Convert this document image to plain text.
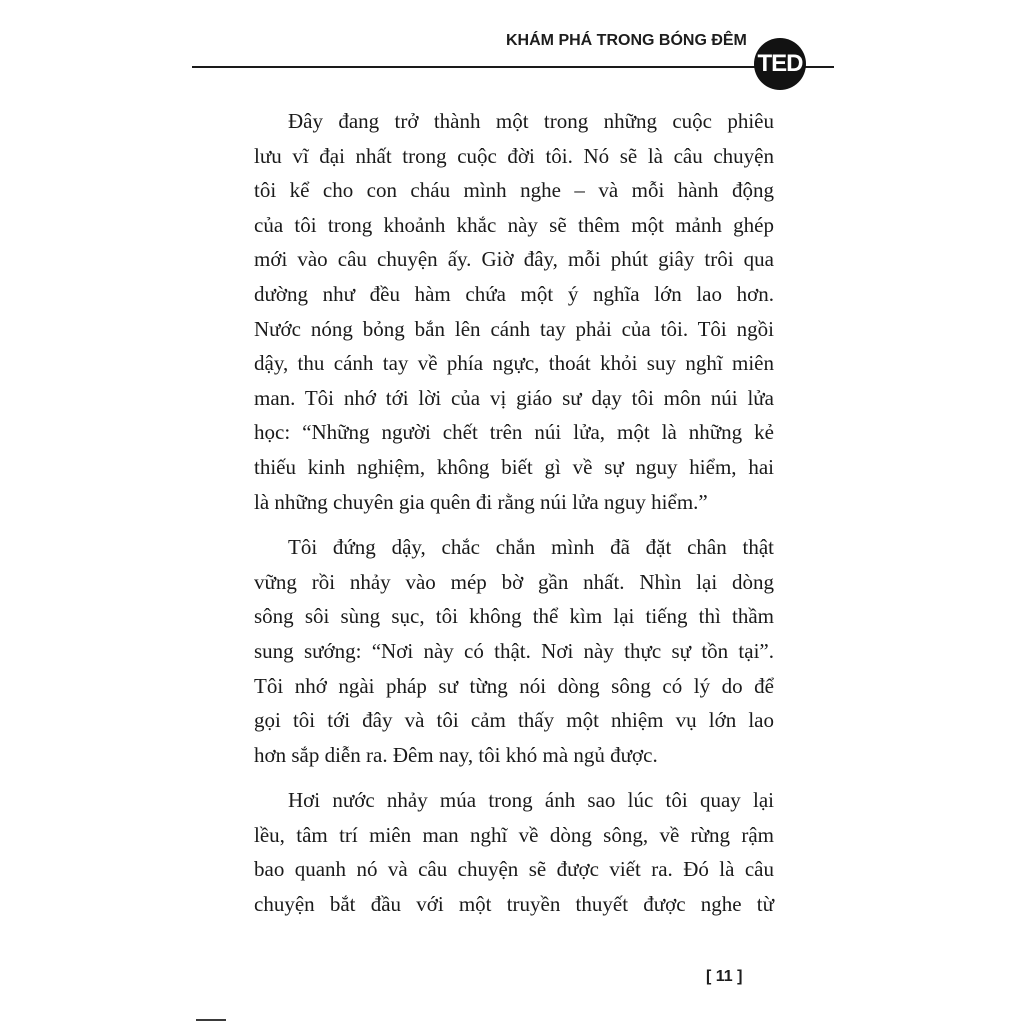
KHÁM PHÁ TRONG BÓNG ĐÊM
TED
Đây đang trở thành một trong những cuộc phiêu
lưu vĩ đại nhất trong cuộc đời tôi. Nó sẽ là câu chuyện
tôi kể cho con cháu mình nghe – và mỗi hành động
của tôi trong khoảnh khắc này sẽ thêm một mảnh ghép
mới vào câu chuyện ấy. Giờ đây, mỗi phút giây trôi qua
dường như đều hàm chứa một ý nghĩa lớn lao hơn.
Nước nóng bỏng bắn lên cánh tay phải của tôi. Tôi ngồi
dậy, thu cánh tay về phía ngực, thoát khỏi suy nghĩ miên
man. Tôi nhớ tới lời của vị giáo sư dạy tôi môn núi lửa
học: “Những người chết trên núi lửa, một là những kẻ
thiếu kinh nghiệm, không biết gì về sự nguy hiểm, hai
là những chuyên gia quên đi rằng núi lửa nguy hiểm.”
Tôi đứng dậy, chắc chắn mình đã đặt chân thật
vững rồi nhảy vào mép bờ gần nhất. Nhìn lại dòng
sông sôi sùng sục, tôi không thể kìm lại tiếng thì thầm
sung sướng: “Nơi này có thật. Nơi này thực sự tồn tại”.
Tôi nhớ ngài pháp sư từng nói dòng sông có lý do để
gọi tôi tới đây và tôi cảm thấy một nhiệm vụ lớn lao
hơn sắp diễn ra. Đêm nay, tôi khó mà ngủ được.
Hơi nước nhảy múa trong ánh sao lúc tôi quay lại
lều, tâm trí miên man nghĩ về dòng sông, về rừng rậm
bao quanh nó và câu chuyện sẽ được viết ra. Đó là câu
chuyện bắt đầu với một truyền thuyết được nghe từ
[ 11 ]
